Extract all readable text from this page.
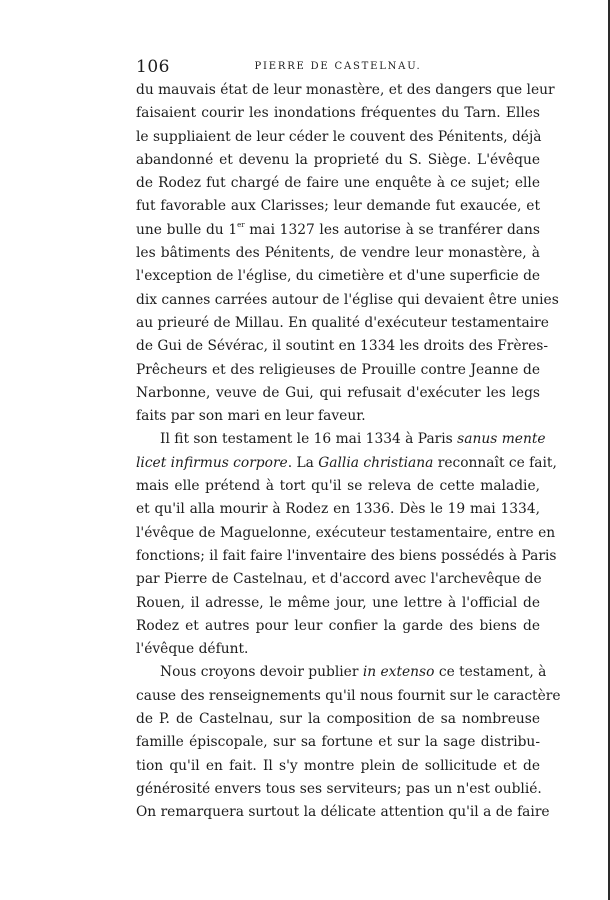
106	PIERRE DE CASTELNAU.

du mauvais état de leur monastère, et des dangers que leur
faisaient courir les inondations fréquentes du Tarn. Elles
le suppliaient de leur céder le couvent des Pénitents, déjà
abandonné et devenu la proprieté du S. Siège. L'évêque
de Rodez fut chargé de faire une enquête à ce sujet; elle
fut favorable aux Clarisses; leur demande fut exaucée, et
une bulle du 1er mai 1327 les autorise à se tranférer dans
les bâtiments des Pénitents, de vendre leur monastère, à
l'exception de l'église, du cimetière et d'une superficie de
dix cannes carrées autour de l'église qui devaient être unies
au prieuré de Millau. En qualité d'exécuteur testamentaire
de Gui de Sévérac, il soutint en 1334 les droits des Frères-
Prêcheurs et des religieuses de Prouille contre Jeanne de
Narbonne, veuve de Gui, qui refusait d'exécuter les legs
faits par son mari en leur faveur.

Il fit son testament le 16 mai 1334 à Paris sanus mente
licet infirmus corpore. La Gallia christiana reconnaît ce fait,
mais elle prétend à tort qu'il se releva de cette maladie,
et qu'il alla mourir à Rodez en 1336. Dès le 19 mai 1334,
l'évêque de Maguelonne, exécuteur testamentaire, entre en
fonctions; il fait faire l'inventaire des biens possédés à Paris
par Pierre de Castelnau, et d'accord avec l'archevêque de
Rouen, il adresse, le même jour, une lettre à l'official de
Rodez et autres pour leur confier la garde des biens de
l'évêque défunt.

Nous croyons devoir publier in extenso ce testament, à
cause des renseignements qu'il nous fournit sur le caractère
de P. de Castelnau, sur la composition de sa nombreuse
famille épiscopale, sur sa fortune et sur la sage distribu-
tion qu'il en fait. Il s'y montre plein de sollicitude et de
générosité envers tous ses serviteurs; pas un n'est oublié.
On remarquera surtout la délicate attention qu'il a de faire
